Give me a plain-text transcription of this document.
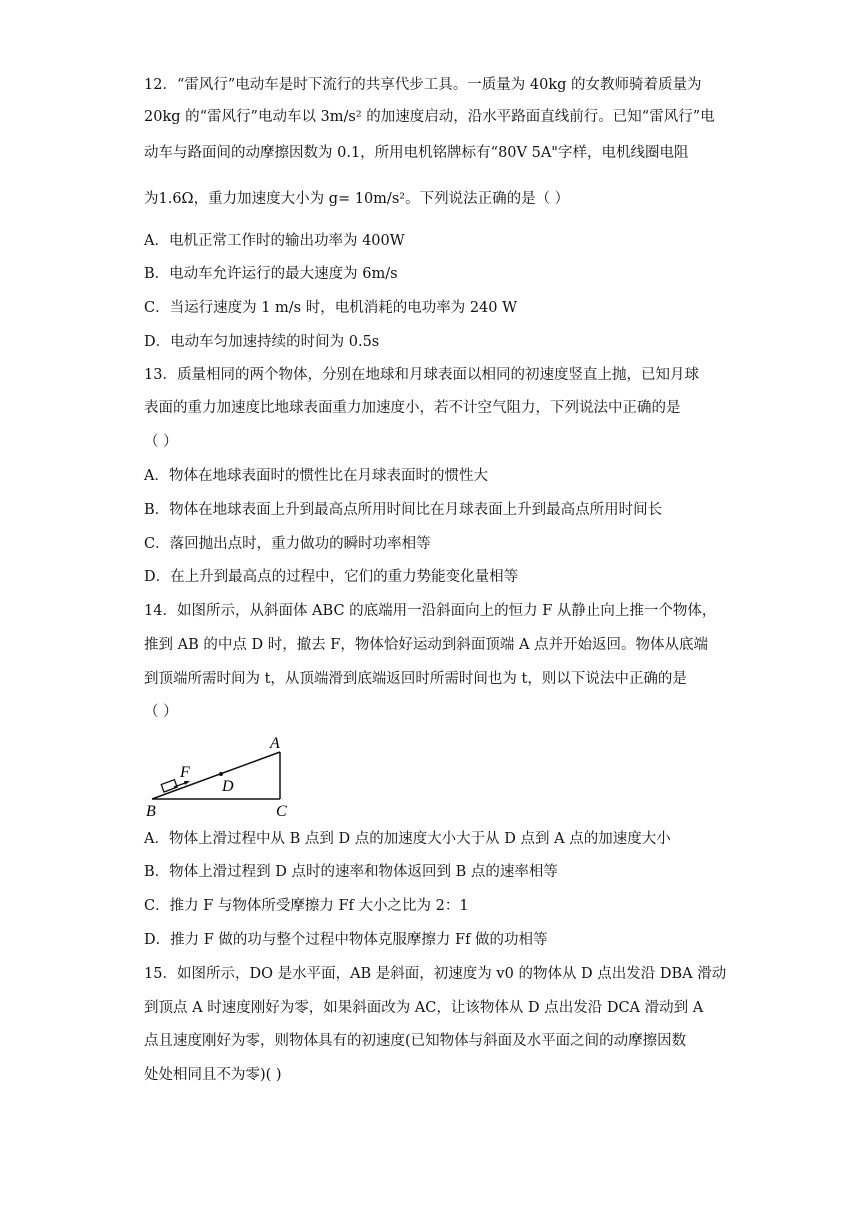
12．“雷风行”电动车是时下流行的共享代步工具。一质量为 40kg 的女教师骑着质量为
20kg 的“雷风行”电动车以 3m/s² 的加速度启动，沿水平路面直线前行。已知“雷风行”电
动车与路面间的动摩擦因数为 0.1，所用电机铭牌标有“80V 5A"字样，电机线圈电阻
为1.6Ω，重力加速度大小为 g= 10m/s²。下列说法正确的是（ ）
A．电机正常工作时的输出功率为 400W
B．电动车允许运行的最大速度为 6m/s
C．当运行速度为 1 m/s 时，电机消耗的电功率为 240 W
D．电动车匀加速持续的时间为 0.5s
13．质量相同的两个物体，分别在地球和月球表面以相同的初速度竖直上抛，已知月球
表面的重力加速度比地球表面重力加速度小，若不计空气阻力，下列说法中正确的是
（ ）
A．物体在地球表面时的惯性比在月球表面时的惯性大
B．物体在地球表面上升到最高点所用时间比在月球表面上升到最高点所用时间长
C．落回抛出点时，重力做功的瞬时功率相等
D．在上升到最高点的过程中，它们的重力势能变化量相等
14．如图所示，从斜面体 ABC 的底端用一沿斜面向上的恒力 F 从静止向上推一个物体，
推到 AB 的中点 D 时，撤去 F，物体恰好运动到斜面顶端 A 点并开始返回。物体从底端
到顶端所需时间为 t，从顶端滑到底端返回时所需时间也为 t，则以下说法中正确的是
（ ）
A
B	C
D
F
A．物体上滑过程中从 B 点到 D 点的加速度大小大于从 D 点到 A 点的加速度大小
B．物体上滑过程到 D 点时的速率和物体返回到 B 点的速率相等
C．推力 F 与物体所受摩擦力 Ff 大小之比为 2：1
D．推力 F 做的功与整个过程中物体克服摩擦力 Ff 做的功相等
15．如图所示，DO 是水平面，AB 是斜面，初速度为 v0 的物体从 D 点出发沿 DBA 滑动
到顶点 A 时速度刚好为零，如果斜面改为 AC，让该物体从 D 点出发沿 DCA 滑动到 A
点且速度刚好为零，则物体具有的初速度(已知物体与斜面及水平面之间的动摩擦因数
处处相同且不为零)( )
